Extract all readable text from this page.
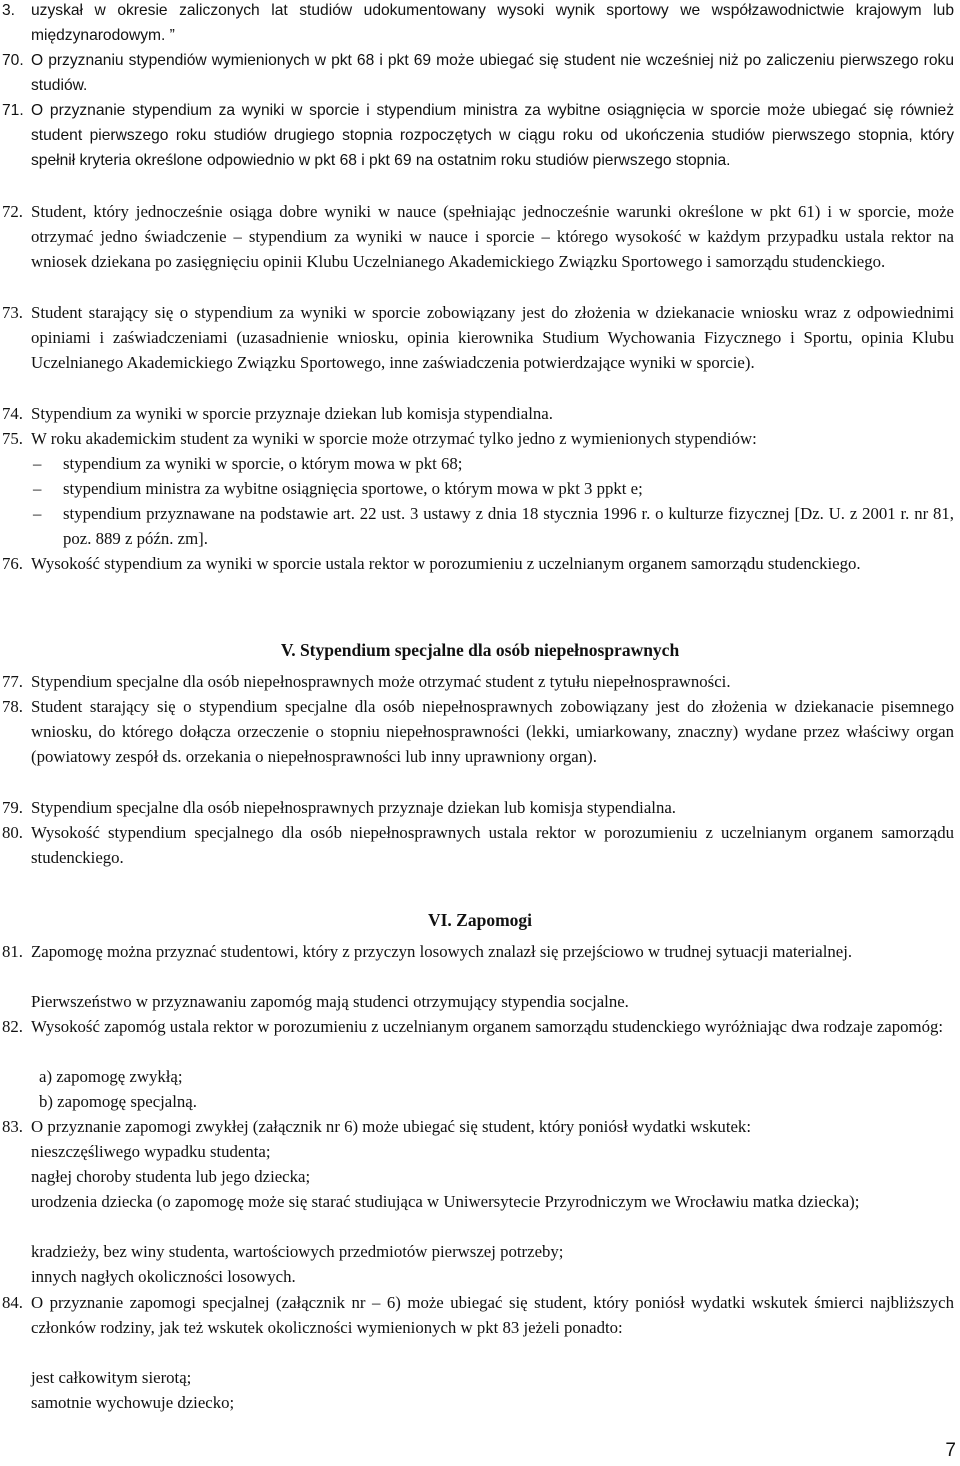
3. uzyskał w okresie zaliczonych lat studiów udokumentowany wysoki wynik sportowy we współzawodnictwie krajowym lub międzynarodowym. ”
70. O przyznaniu stypendiów wymienionych w pkt 68 i pkt 69 może ubiegać się student nie wcześniej niż po zaliczeniu pierwszego roku studiów.
71. O przyznanie stypendium za wyniki w sporcie i stypendium ministra za wybitne osiągnięcia w sporcie może ubiegać się również student pierwszego roku studiów drugiego stopnia rozpoczętych w ciągu roku od ukończenia studiów pierwszego stopnia, który spełnił kryteria określone odpowiednio w pkt 68 i pkt 69 na ostatnim roku studiów pierwszego stopnia.
72. Student, który jednocześnie osiąga dobre wyniki w nauce (spełniając jednocześnie warunki określone w pkt 61) i w sporcie, może otrzymać jedno świadczenie – stypendium za wyniki w nauce i sporcie – którego wysokość w każdym przypadku ustala rektor na wniosek dziekana po zasięgnięciu opinii Klubu Uczelnianego Akademickiego Związku Sportowego i samorządu studenckiego.
73. Student starający się o stypendium za wyniki w sporcie zobowiązany jest do złożenia w dziekanacie wniosku wraz z odpowiednimi opiniami i zaświadczeniami (uzasadnienie wniosku, opinia kierownika Studium Wychowania Fizycznego i Sportu, opinia Klubu Uczelnianego Akademickiego Związku Sportowego, inne zaświadczenia potwierdzające wyniki w sporcie).
74. Stypendium za wyniki w sporcie przyznaje dziekan lub komisja stypendialna.
75. W roku akademickim student za wyniki w sporcie może otrzymać tylko jedno z wymienionych stypendiów:
– stypendium za wyniki w sporcie, o którym mowa w pkt 68;
– stypendium ministra za wybitne osiągnięcia sportowe, o którym mowa w pkt 3 ppkt e;
– stypendium przyznawane na podstawie art. 22 ust. 3 ustawy z dnia 18 stycznia 1996 r. o kulturze fizycznej [Dz. U. z 2001 r. nr 81, poz. 889 z późn. zm].
76. Wysokość stypendium za wyniki w sporcie ustala rektor w porozumieniu z uczelnianym organem samorządu studenckiego.
V. Stypendium specjalne dla osób niepełnosprawnych
77. Stypendium specjalne dla osób niepełnosprawnych może otrzymać student z tytułu niepełnosprawności.
78. Student starający się o stypendium specjalne dla osób niepełnosprawnych zobowiązany jest do złożenia w dziekanacie pisemnego wniosku, do którego dołącza orzeczenie o stopniu niepełnosprawności (lekki, umiarkowany, znaczny) wydane przez właściwy organ (powiatowy zespół ds. orzekania o niepełnosprawności lub inny uprawniony organ).
79. Stypendium specjalne dla osób niepełnosprawnych przyznaje dziekan lub komisja stypendialna.
80. Wysokość stypendium specjalnego dla osób niepełnosprawnych ustala rektor w porozumieniu z uczelnianym organem samorządu studenckiego.
VI. Zapomogi
81. Zapomogę można przyznać studentowi, który z przyczyn losowych znalazł się przejściowo w trudnej sytuacji materialnej.
Pierwszeństwo w przyznawaniu zapomóg mają studenci otrzymujący stypendia socjalne.
82. Wysokość zapomóg ustala rektor w porozumieniu z uczelnianym organem samorządu studenckiego wyróżniając dwa rodzaje zapomóg:
a) zapomogę zwykłą;
b) zapomogę specjalną.
83. O przyznanie zapomogi zwykłej (załącznik nr 6) może ubiegać się student, który poniósł wydatki wskutek:
nieszczęśliwego wypadku studenta;
nagłej choroby studenta lub jego dziecka;
urodzenia dziecka (o zapomogę może się starać studiująca w Uniwersytecie Przyrodniczym we Wrocławiu matka dziecka);
kradzieży, bez winy studenta, wartościowych przedmiotów pierwszej potrzeby;
innych nagłych okoliczności losowych.
84. O przyznanie zapomogi specjalnej (załącznik nr – 6) może ubiegać się student, który poniósł wydatki wskutek śmierci najbliższych członków rodziny, jak też wskutek okoliczności wymienionych w pkt 83 jeżeli ponadto:
jest całkowitym sierotą;
samotnie wychowuje dziecko;
7
